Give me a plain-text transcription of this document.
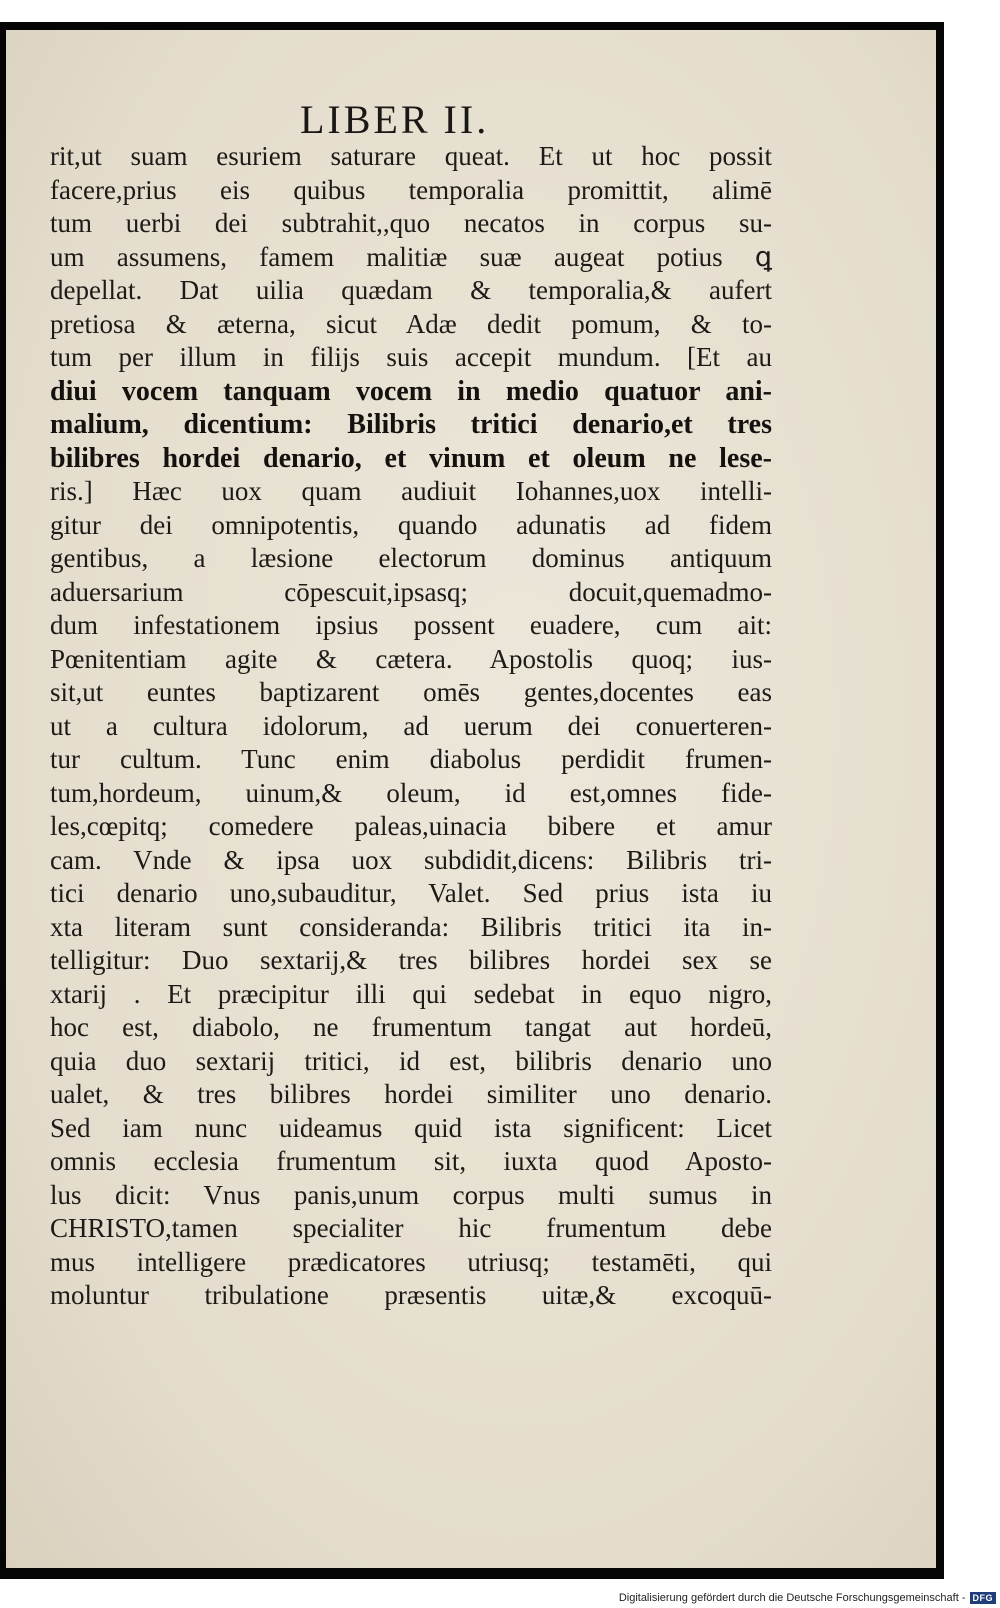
LIBER II.
rit,ut suam esuriem saturare queat. Et ut hoc possit
facere,prius eis quibus temporalia promittit, alimē
tum uerbi dei subtrahit,,quo necatos in corpus su-
um assumens, famem malitiæ suæ augeat potius ꝗ
depellat. Dat uilia quædam & temporalia,& aufert
pretiosa & æterna, sicut Adæ dedit pomum, & to-
tum per illum in filijs suis accepit mundum. [Et au
diui vocem tanquam vocem in medio quatuor ani-
malium, dicentium: Bilibris tritici denario,et tres
bilibres hordei denario, et vinum et oleum ne lese-
ris.] Hæc uox quam audiuit Iohannes,uox intelli-
gitur dei omnipotentis, quando adunatis ad fidem
gentibus, a læsione electorum dominus antiquum
aduersarium cōpescuit,ipsasq; docuit,quemadmo-
dum infestationem ipsius possent euadere, cum ait:
Pœnitentiam agite & cætera. Apostolis quoq; ius-
sit,ut euntes baptizarent omēs gentes,docentes eas
ut a cultura idolorum, ad uerum dei conuerteren-
tur cultum. Tunc enim diabolus perdidit frumen-
tum,hordeum, uinum,& oleum, id est,omnes fide-
les,cœpitq; comedere paleas,uinacia bibere et amur
cam. Vnde & ipsa uox subdidit,dicens: Bilibris tri-
tici denario uno,subauditur, Valet. Sed prius ista iu
xta literam sunt consideranda: Bilibris tritici ita in-
telligitur: Duo sextarij,& tres bilibres hordei sex se
xtarij . Et præcipitur illi qui sedebat in equo nigro,
hoc est, diabolo, ne frumentum tangat aut hordeū,
quia duo sextarij tritici, id est, bilibris denario uno
ualet, & tres bilibres hordei similiter uno denario.
Sed iam nunc uideamus quid ista significent: Licet
omnis ecclesia frumentum sit, iuxta quod Aposto-
lus dicit: Vnus panis,unum corpus multi sumus in
CHRISTO,tamen specialiter hic frumentum debe
mus intelligere prædicatores utriusq; testamēti, qui
moluntur tribulatione præsentis uitæ,& excoquū-
Digitalisierung gefördert durch die Deutsche Forschungsgemeinschaft - DFG
